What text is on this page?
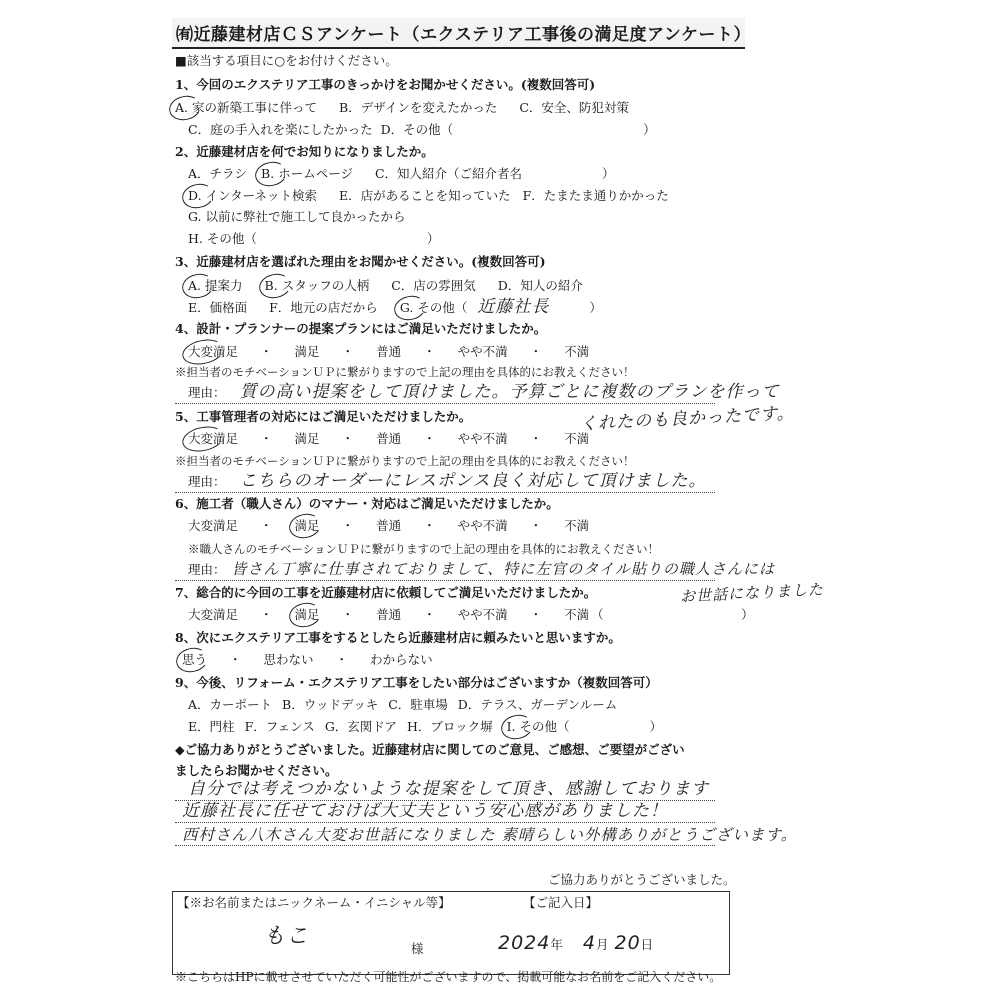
㈲近藤建材店ＣＳアンケート（エクステリア工事後の満足度アンケート）
■該当する項目に○をお付けください。
1、今回のエクステリア工事のきっかけをお聞かせください。(複数回答可)
A. 家の新築工事に伴って B．デザインを変えたかった C．安全、防犯対策
C．庭の手入れを楽にしたかった D．その他（	）
2、近藤建材店を何でお知りになりましたか。
A．チラシ B. ホームページ C．知人紹介（ご紹介者名	）
D. インターネット検索 E．店があることを知っていた F．たまたま通りかかった
G. 以前に弊社で施工して良かったから
H. その他（	）
3、近藤建材店を選ばれた理由をお聞かせください。(複数回答可)
A. 提案力 B. スタッフの人柄 C．店の雰囲気 D．知人の紹介
E．価格面 F．地元の店だから G. その他（ 近藤社長	）
4、設計・プランナーの提案プランにはご満足いただけましたか。
大変満足 ・ 満足 ・ 普通 ・ やや不満 ・ 不満
※担当者のモチベーションＵＰに繋がりますので上記の理由を具体的にお教えください！
理由： 質の高い提案をして頂けました。予算ごとに複数のプランを作って
くれたのも良かったです。
5、工事管理者の対応にはご満足いただけましたか。
大変満足 ・ 満足 ・ 普通 ・ やや不満 ・ 不満
※担当者のモチベーションＵＰに繋がりますので上記の理由を具体的にお教えください！
理由： こちらのオーダーにレスポンス良く対応して頂けました。
6、施工者（職人さん）のマナー・対応はご満足いただけましたか。
大変満足 ・ 満足 ・ 普通 ・ やや不満 ・ 不満
※職人さんのモチベーションＵＰに繋がりますので上記の理由を具体的にお教えください！
理由： 皆さん丁寧に仕事されておりまして、特に左官のタイル貼りの職人さんには
お世話になりました
7、総合的に今回の工事を近藤建材店に依頼してご満足いただけましたか。
大変満足 ・ 満足 ・ 普通 ・ やや不満 ・ 不満 （　　　　　　　　　　　）
8、次にエクステリア工事をするとしたら近藤建材店に頼みたいと思いますか。
思う ・ 思わない ・ わからない
9、今後、リフォーム・エクステリア工事をしたい部分はございますか（複数回答可）
A．カーポート B．ウッドデッキ C．駐車場 D．テラス、ガーデンルーム
E．門柱 F．フェンス G．玄関ドア H．ブロック塀 I. その他（	）
◆ご協力ありがとうございました。近藤建材店に関してのご意見、ご感想、ご要望がござい
ましたらお聞かせください。
自分では考えつかないような提案をして頂き、感謝しております
近藤社長に任せておけば大丈夫という安心感がありました！
西村さん八木さん大変お世話になりました 素晴らしい外構ありがとうございます。
ご協力ありがとうございました。
【※お名前またはニックネーム・イニシャル等】	【ご記入日】
もこ	様	2024年 4月 20日
※こちらはHPに載せさせていただく可能性がございますので、掲載可能なお名前をご記入ください。
